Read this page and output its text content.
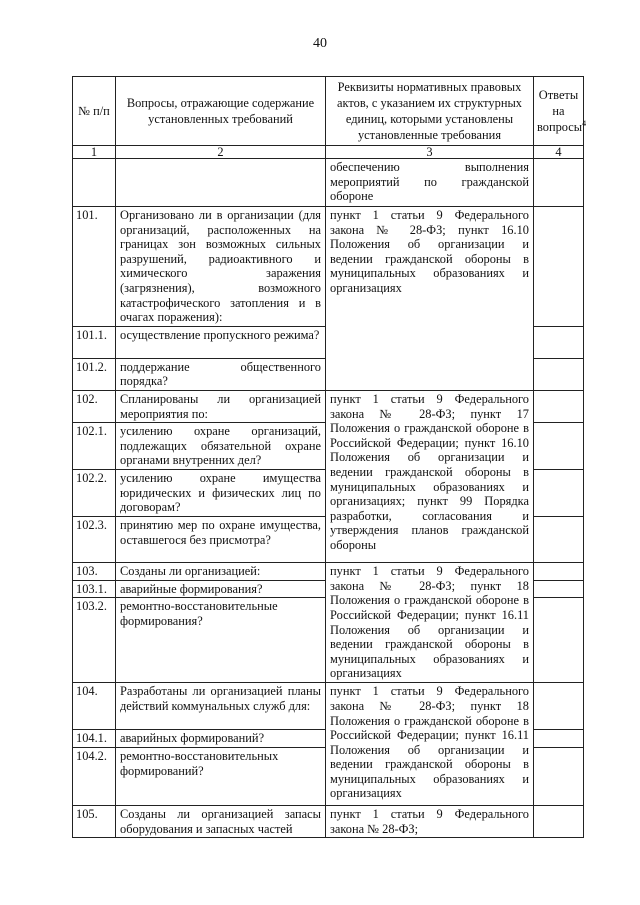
40
№ п/п	Вопросы, отражающие содержание установленных требований	Реквизиты нормативных правовых актов, с указанием их структурных единиц, которыми установлены установленные требования	Ответы на вопросы$^4$
1	2	3	4
		обеспечению выполнения мероприятий по гражданской обороне	
101.	Организовано ли в организации (для организаций, расположенных на границах зон возможных сильных разрушений, радиоактивного и химического заражения (загрязнения), возможного катастрофического затопления и в очагах поражения):	пункт 1 статьи 9 Федерального закона № 28-ФЗ; пункт 16.10 Положения об организации и ведении гражданской обороны в муниципальных образованиях и организациях	
101.1.	осуществление пропускного режима?		
101.2.	поддержание общественного порядка?		
102.	Спланированы ли организацией мероприятия по:	пункт 1 статьи 9 Федерального закона № 28-ФЗ; пункт 17 Положения о гражданской обороне в Российской Федерации; пункт 16.10 Положения об организации и ведении гражданской обороны в муниципальных образованиях и организациях; пункт 99 Порядка разработки, согласования и утверждения планов гражданской обороны	
102.1.	усилению охране организаций, подлежащих обязательной охране органами внутренних дел?		
102.2.	усилению охране имущества юридических и физических лиц по договорам?		
102.3.	принятию мер по охране имущества, оставшегося без присмотра?		
103.	Созданы ли организацией:	пункт 1 статьи 9 Федерального закона № 28-ФЗ; пункт 18 Положения о гражданской обороне в Российской Федерации; пункт 16.11 Положения об организации и ведении гражданской обороны в муниципальных образованиях и организациях	
103.1.	аварийные формирования?		
103.2.	ремонтно-восстановительные формирования?		
104.	Разработаны ли организацией планы действий коммунальных служб для:	пункт 1 статьи 9 Федерального закона № 28-ФЗ; пункт 18 Положения о гражданской обороне в Российской Федерации; пункт 16.11 Положения об организации и ведении гражданской обороны в муниципальных образованиях и организациях	
104.1.	аварийных формирований?		
104.2.	ремонтно-восстановительных формирований?		
105.	Созданы ли организацией запасы оборудования и запасных частей	пункт 1 статьи 9 Федерального закона № 28-ФЗ;	
